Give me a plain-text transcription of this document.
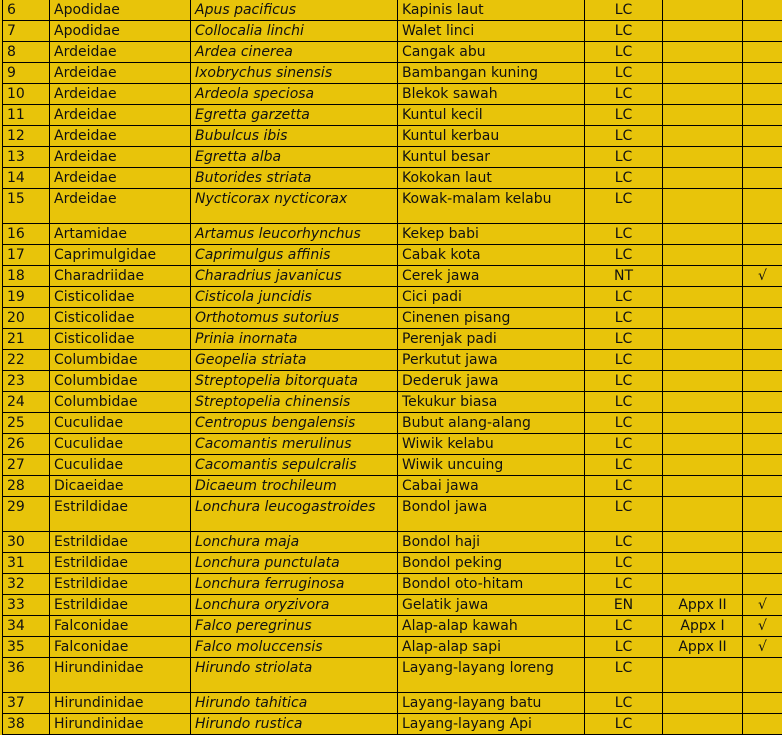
6	Apodidae	Apus pacificus	Kapinis laut	LC		
7	Apodidae	Collocalia linchi	Walet linci	LC		
8	Ardeidae	Ardea cinerea	Cangak abu	LC		
9	Ardeidae	Ixobrychus sinensis	Bambangan kuning	LC		
10	Ardeidae	Ardeola speciosa	Blekok sawah	LC		
11	Ardeidae	Egretta garzetta	Kuntul kecil	LC		
12	Ardeidae	Bubulcus ibis	Kuntul kerbau	LC		
13	Ardeidae	Egretta alba	Kuntul besar	LC		
14	Ardeidae	Butorides striata	Kokokan laut	LC		
15	Ardeidae	Nycticorax nycticorax	Kowak-malam kelabu	LC		
16	Artamidae	Artamus leucorhynchus	Kekep babi	LC		
17	Caprimulgidae	Caprimulgus affinis	Cabak kota	LC		
18	Charadriidae	Charadrius javanicus	Cerek jawa	NT		√
19	Cisticolidae	Cisticola juncidis	Cici padi	LC		
20	Cisticolidae	Orthotomus sutorius	Cinenen pisang	LC		
21	Cisticolidae	Prinia inornata	Perenjak padi	LC		
22	Columbidae	Geopelia striata	Perkutut jawa	LC		
23	Columbidae	Streptopelia bitorquata	Dederuk jawa	LC		
24	Columbidae	Streptopelia chinensis	Tekukur biasa	LC		
25	Cuculidae	Centropus bengalensis	Bubut alang-alang	LC		
26	Cuculidae	Cacomantis merulinus	Wiwik kelabu	LC		
27	Cuculidae	Cacomantis sepulcralis	Wiwik uncuing	LC		
28	Dicaeidae	Dicaeum trochileum	Cabai jawa	LC		
29	Estrildidae	Lonchura leucogastroides	Bondol jawa	LC		
30	Estrildidae	Lonchura maja	Bondol haji	LC		
31	Estrildidae	Lonchura punctulata	Bondol peking	LC		
32	Estrildidae	Lonchura ferruginosa	Bondol oto-hitam	LC		
33	Estrildidae	Lonchura oryzivora	Gelatik jawa	EN	Appx II	√
34	Falconidae	Falco peregrinus	Alap-alap kawah	LC	Appx I	√
35	Falconidae	Falco moluccensis	Alap-alap sapi	LC	Appx II	√
36	Hirundinidae	Hirundo striolata	Layang-layang loreng	LC		
37	Hirundinidae	Hirundo tahitica	Layang-layang batu	LC		
38	Hirundinidae	Hirundo rustica	Layang-layang Api	LC		
